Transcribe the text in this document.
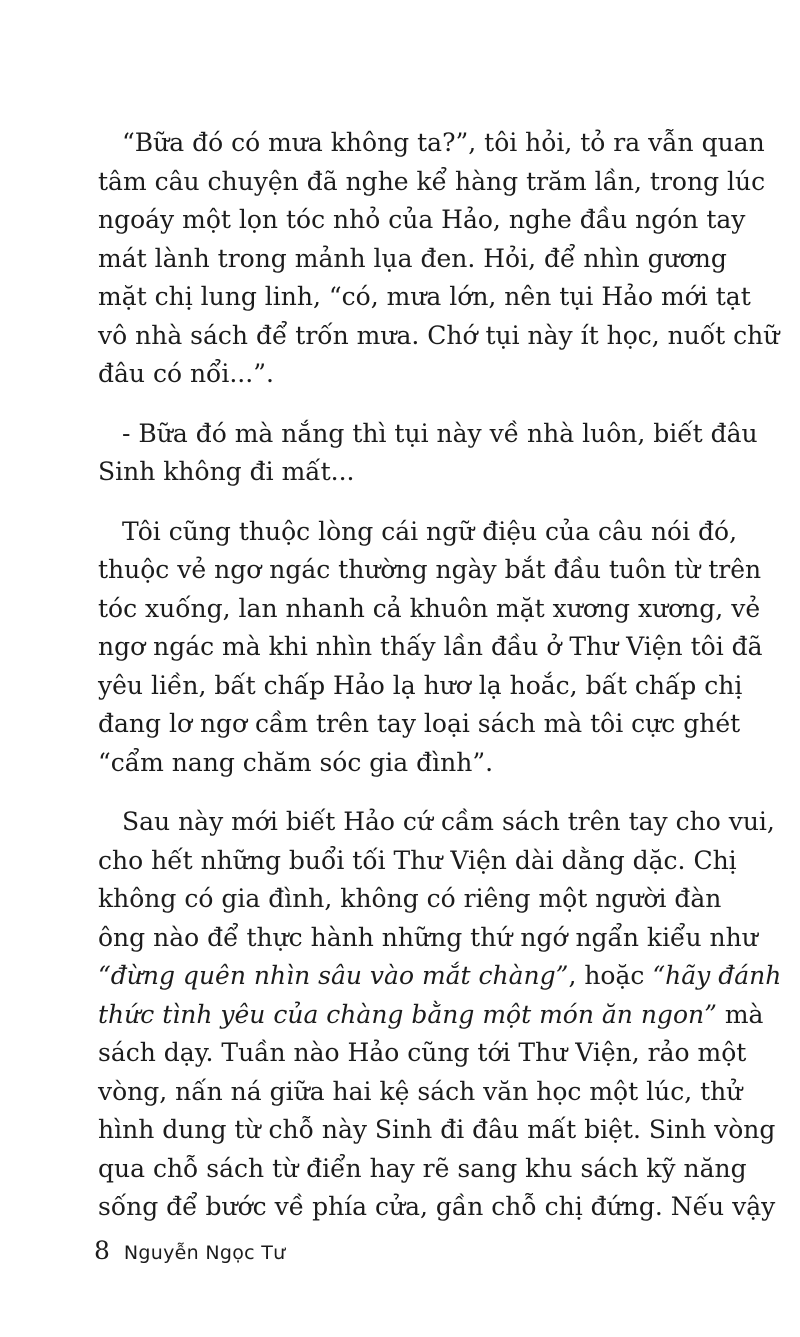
“Bữa đó có mưa không ta?”, tôi hỏi, tỏ ra vẫn quan
tâm câu chuyện đã nghe kể hàng trăm lần, trong lúc
ngoáy một lọn tóc nhỏ của Hảo, nghe đầu ngón tay
mát lành trong mảnh lụa đen. Hỏi, để nhìn gương
mặt chị lung linh, “có, mưa lớn, nên tụi Hảo mới tạt
vô nhà sách để trốn mưa. Chớ tụi này ít học, nuốt chữ
đâu có nổi...”.

- Bữa đó mà nắng thì tụi này về nhà luôn, biết đâu
Sinh không đi mất...

Tôi cũng thuộc lòng cái ngữ điệu của câu nói đó,
thuộc vẻ ngơ ngác thường ngày bắt đầu tuôn từ trên
tóc xuống, lan nhanh cả khuôn mặt xương xương, vẻ
ngơ ngác mà khi nhìn thấy lần đầu ở Thư Viện tôi đã
yêu liền, bất chấp Hảo lạ hươ lạ hoắc, bất chấp chị
đang lơ ngơ cầm trên tay loại sách mà tôi cực ghét
“cẩm nang chăm sóc gia đình”.

Sau này mới biết Hảo cứ cầm sách trên tay cho vui,
cho hết những buổi tối Thư Viện dài dằng dặc. Chị
không có gia đình, không có riêng một người đàn
ông nào để thực hành những thứ ngớ ngẩn kiểu như
“đừng quên nhìn sâu vào mắt chàng”, hoặc “hãy đánh
thức tình yêu của chàng bằng một món ăn ngon” mà
sách dạy. Tuần nào Hảo cũng tới Thư Viện, rảo một
vòng, nấn ná giữa hai kệ sách văn học một lúc, thử
hình dung từ chỗ này Sinh đi đâu mất biệt. Sinh vòng
qua chỗ sách từ điển hay rẽ sang khu sách kỹ năng
sống để bước về phía cửa, gần chỗ chị đứng. Nếu vậy

8 Nguyễn Ngọc Tư
